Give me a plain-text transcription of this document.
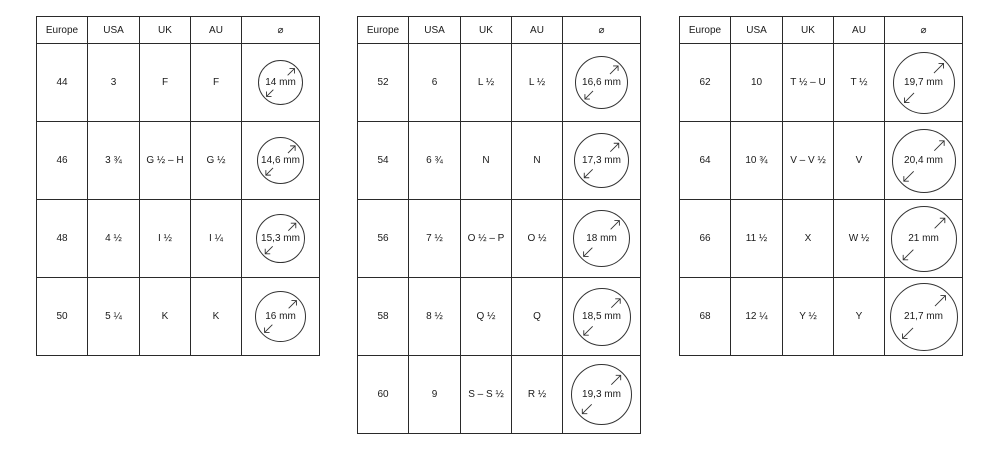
Europe	USA	UK	AU	⌀
44	3	F	F	14 mm

46	3 ¾	G ½ – H	G ½	14,6 mm

48	4 ½	I ½	I ¼	15,3 mm

50	5 ¼	K	K	16 mm
Europe	USA	UK	AU	⌀
52	6	L ½	L ½	16,6 mm

54	6 ¾	N	N	17,3 mm

56	7 ½	O ½ – P	O ½	18 mm

58	8 ½	Q ½	Q	18,5 mm

60	9	S – S ½	R ½	19,3 mm
Europe	USA	UK	AU	⌀
62	10	T ½ – U	T ½	19,7 mm

64	10 ¾	V – V ½	V	20,4 mm

66	11 ½	X	W ½	21 mm

68	12 ¼	Y ½	Y	21,7 mm
